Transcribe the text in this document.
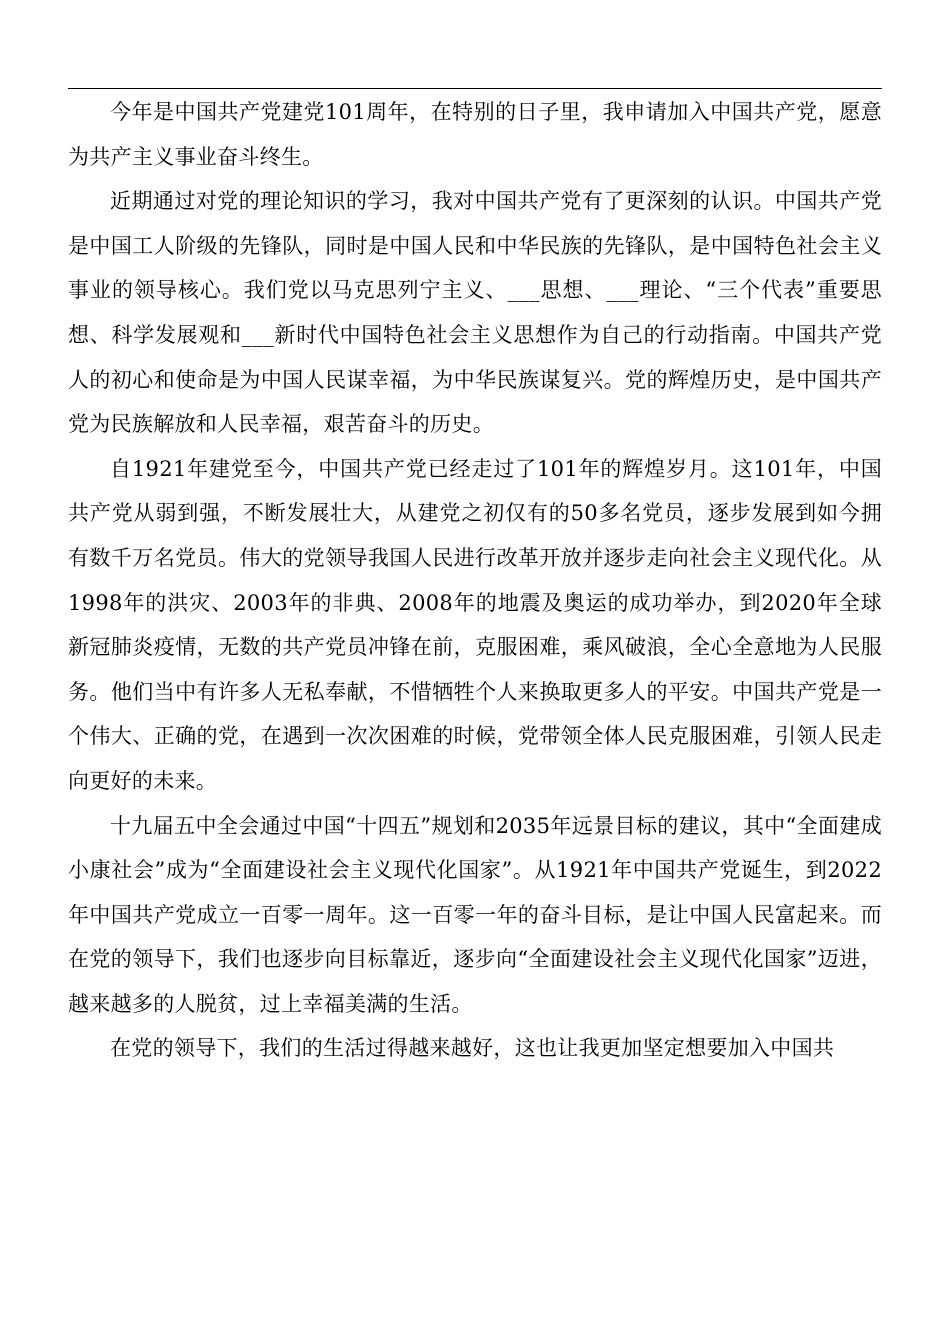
今年是中国共产党建党101周年，在特别的日子里，我申请加入中国共产党，愿意为共产主义事业奋斗终生。

近期通过对党的理论知识的学习，我对中国共产党有了更深刻的认识。中国共产党是中国工人阶级的先锋队，同时是中国人民和中华民族的先锋队，是中国特色社会主义事业的领导核心。我们党以马克思列宁主义、___思想、___理论、“三个代表”重要思想、科学发展观和___新时代中国特色社会主义思想作为自己的行动指南。中国共产党人的初心和使命是为中国人民谋幸福，为中华民族谋复兴。党的辉煌历史，是中国共产党为民族解放和人民幸福，艰苦奋斗的历史。

自1921年建党至今，中国共产党已经走过了101年的辉煌岁月。这101年，中国共产党从弱到强，不断发展壮大，从建党之初仅有的50多名党员，逐步发展到如今拥有数千万名党员。伟大的党领导我国人民进行改革开放并逐步走向社会主义现代化。从1998年的洪灾、2003年的非典、2008年的地震及奥运的成功举办，到2020年全球新冠肺炎疫情，无数的共产党员冲锋在前，克服困难，乘风破浪，全心全意地为人民服务。他们当中有许多人无私奉献，不惜牺牲个人来换取更多人的平安。中国共产党是一个伟大、正确的党，在遇到一次次困难的时候，党带领全体人民克服困难，引领人民走向更好的未来。

十九届五中全会通过中国“十四五”规划和2035年远景目标的建议，其中“全面建成小康社会”成为“全面建设社会主义现代化国家”。从1921年中国共产党诞生，到2022年中国共产党成立一百零一周年。这一百零一年的奋斗目标，是让中国人民富起来。而在党的领导下，我们也逐步向目标靠近，逐步向“全面建设社会主义现代化国家”迈进，越来越多的人脱贫，过上幸福美满的生活。

在党的领导下，我们的生活过得越来越好，这也让我更加坚定想要加入中国共
